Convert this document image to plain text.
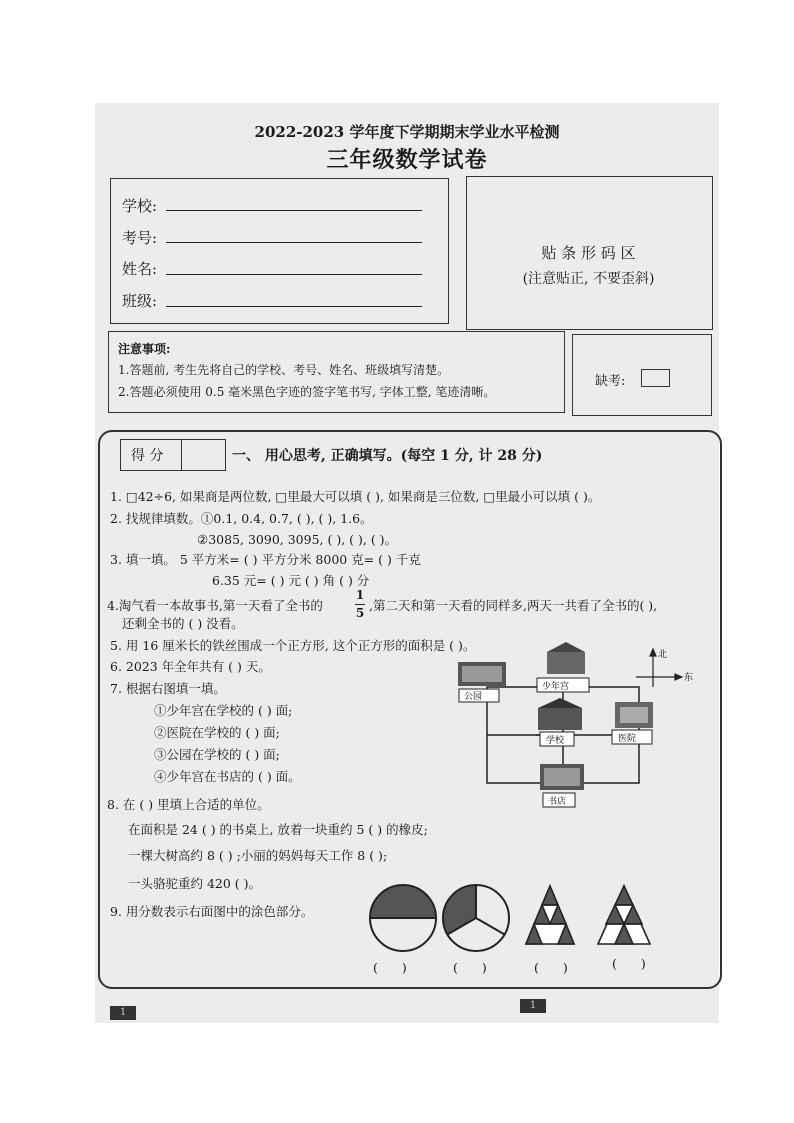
2022-2023 学年度下学期期末学业水平检测
三年级数学试卷
学校:
考号:
姓名:
班级:
贴 条 形 码 区
(注意贴正, 不要歪斜)
注意事项:
1.答题前, 考生先将自己的学校、考号、姓名、班级填写清楚。
2.答题必须使用 0.5 毫米黑色字迹的签字笔书写, 字体工整, 笔迹清晰。
缺考:
得 分	一、 用心思考, 正确填写。(每空 1 分, 计 28 分)
1. □42÷6, 如果商是两位数, □里最大可以填 ( ), 如果商是三位数, □里最小可以填 ( )。
2. 找规律填数。①0.1, 0.4, 0.7, ( ), ( ), 1.6。
②3085, 3090, 3095, ( ), ( ), ( )。
3. 填一填。 5 平方米= ( ) 平方分米 8000 克= ( ) 千克
6.35 元= ( ) 元 ( ) 角 ( ) 分
4.淘气看一本故事书,第一天看了全书的
1
5 ,第二天和第一天看的同样多,两天一共看了全书的( ),
还剩全书的 ( ) 没看。
5. 用 16 厘米长的铁丝围成一个正方形, 这个正方形的面积是 ( )。
6. 2023 年全年共有 ( ) 天。
7. 根据右图填一填。
①少年宫在学校的 ( ) 面;
②医院在学校的 ( ) 面;
③公园在学校的 ( ) 面;
④少年宫在书店的 ( ) 面。
8. 在 ( ) 里填上合适的单位。
在面积是 24 ( ) 的书桌上, 放着一块重约 5 ( ) 的橡皮;
一棵大树高约 8 ( ) ;小丽的妈妈每天工作 8 ( );
一头骆驼重约 420 ( )。
9. 用分数表示右面图中的涂色部分。
北
东
公园
少年宫
学校	医院
书店
( )	( )	( )	( )
1
1
